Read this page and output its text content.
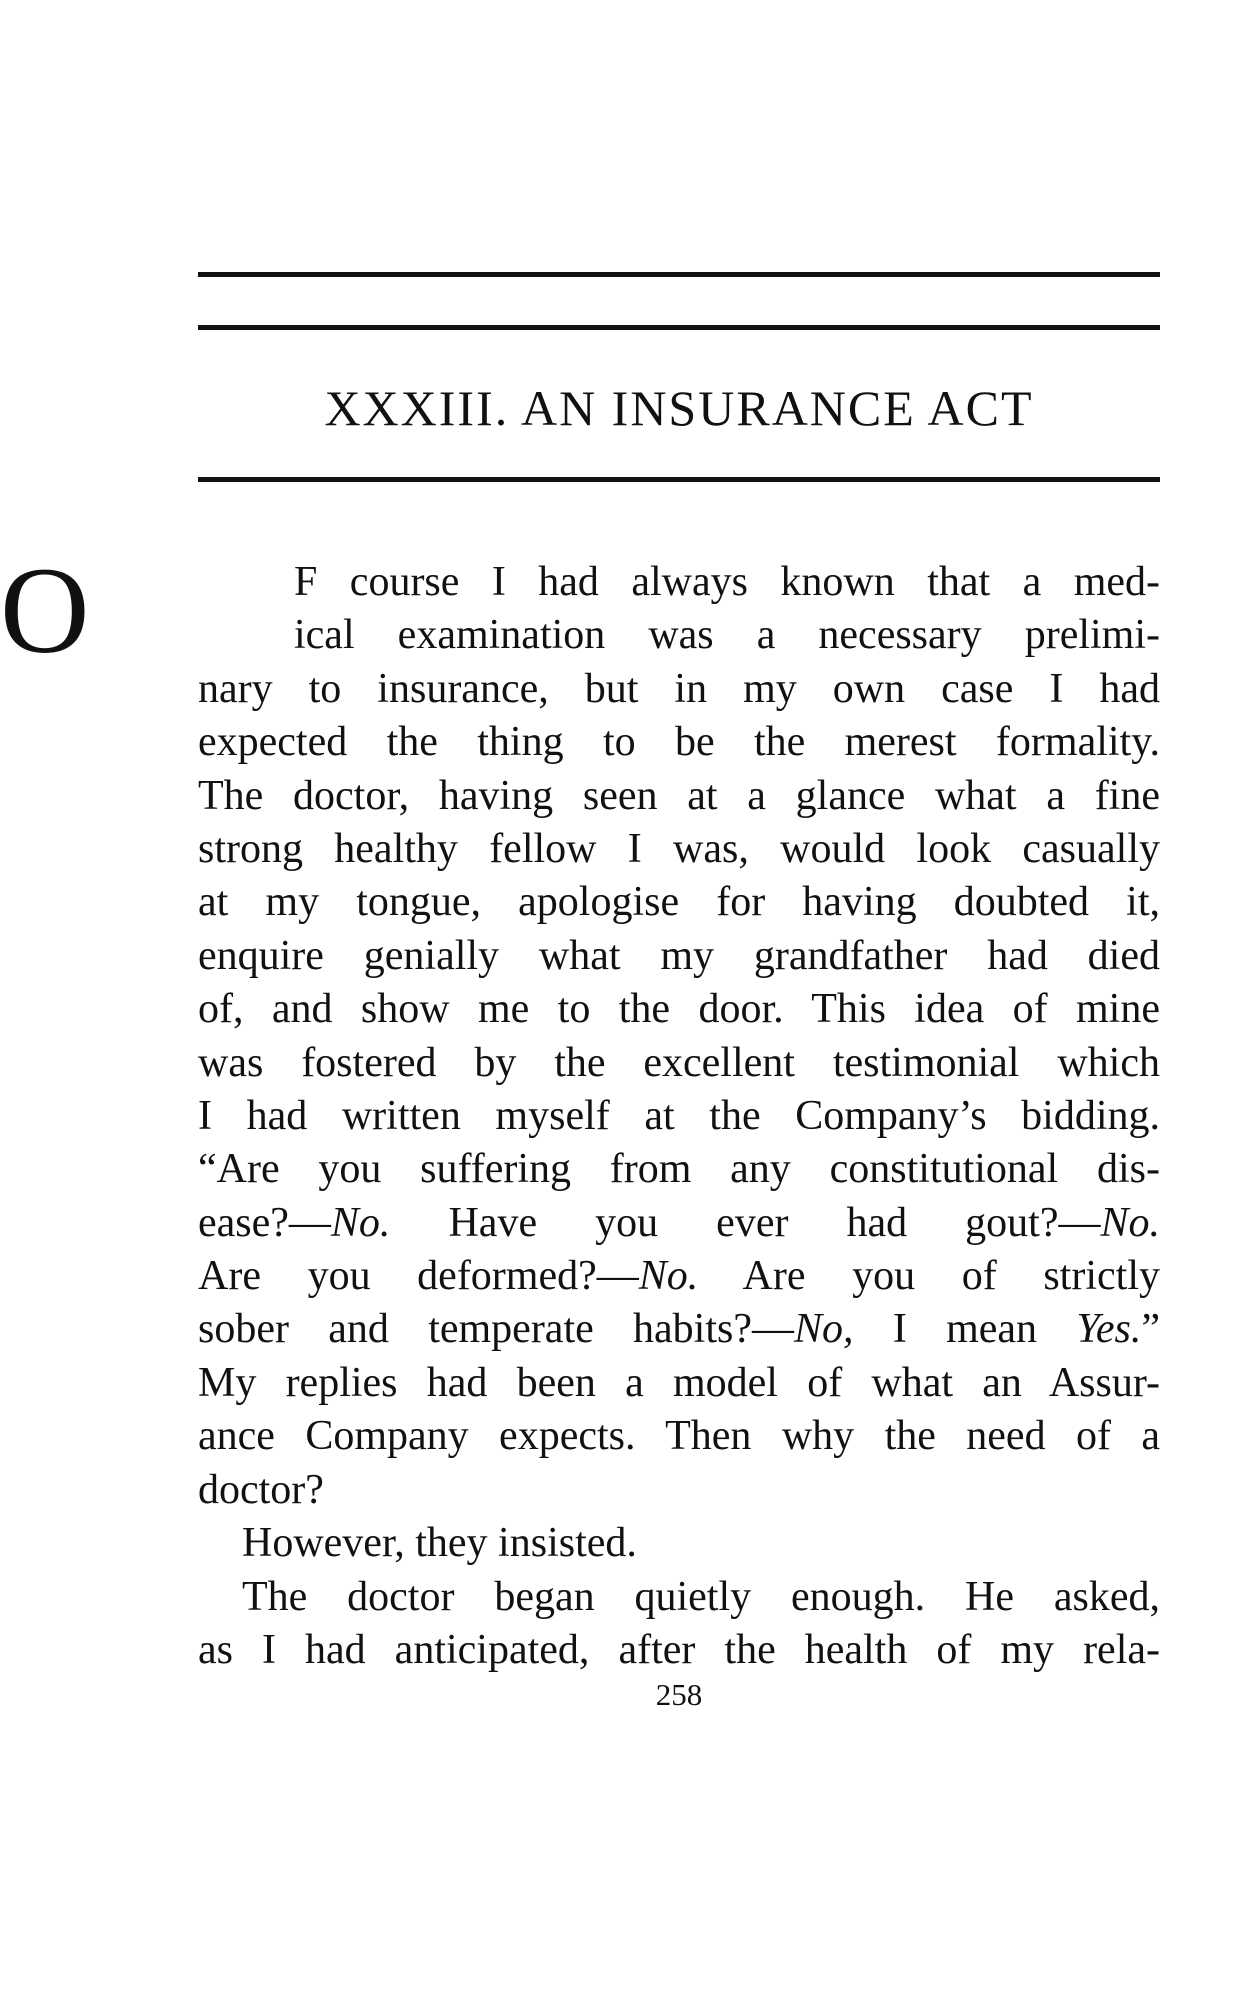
XXXIII. AN INSURANCE ACT
O	F course I had always known that a med-
ical examination was a necessary prelimi-
nary to insurance, but in my own case I had
expected the thing to be the merest formality.
The doctor, having seen at a glance what a fine
strong healthy fellow I was, would look casually
at my tongue, apologise for having doubted it,
enquire genially what my grandfather had died
of, and show me to the door. This idea of mine
was fostered by the excellent testimonial which
I had written myself at the Company’s bidding.
“Are you suffering from any constitutional dis-
ease?—No. Have you ever had gout?—No.
Are you deformed?—No. Are you of strictly
sober and temperate habits?—No, I mean Yes.”
My replies had been a model of what an Assur-
ance Company expects. Then why the need of a
doctor?
However, they insisted.
The doctor began quietly enough. He asked,
as I had anticipated, after the health of my rela-
258
